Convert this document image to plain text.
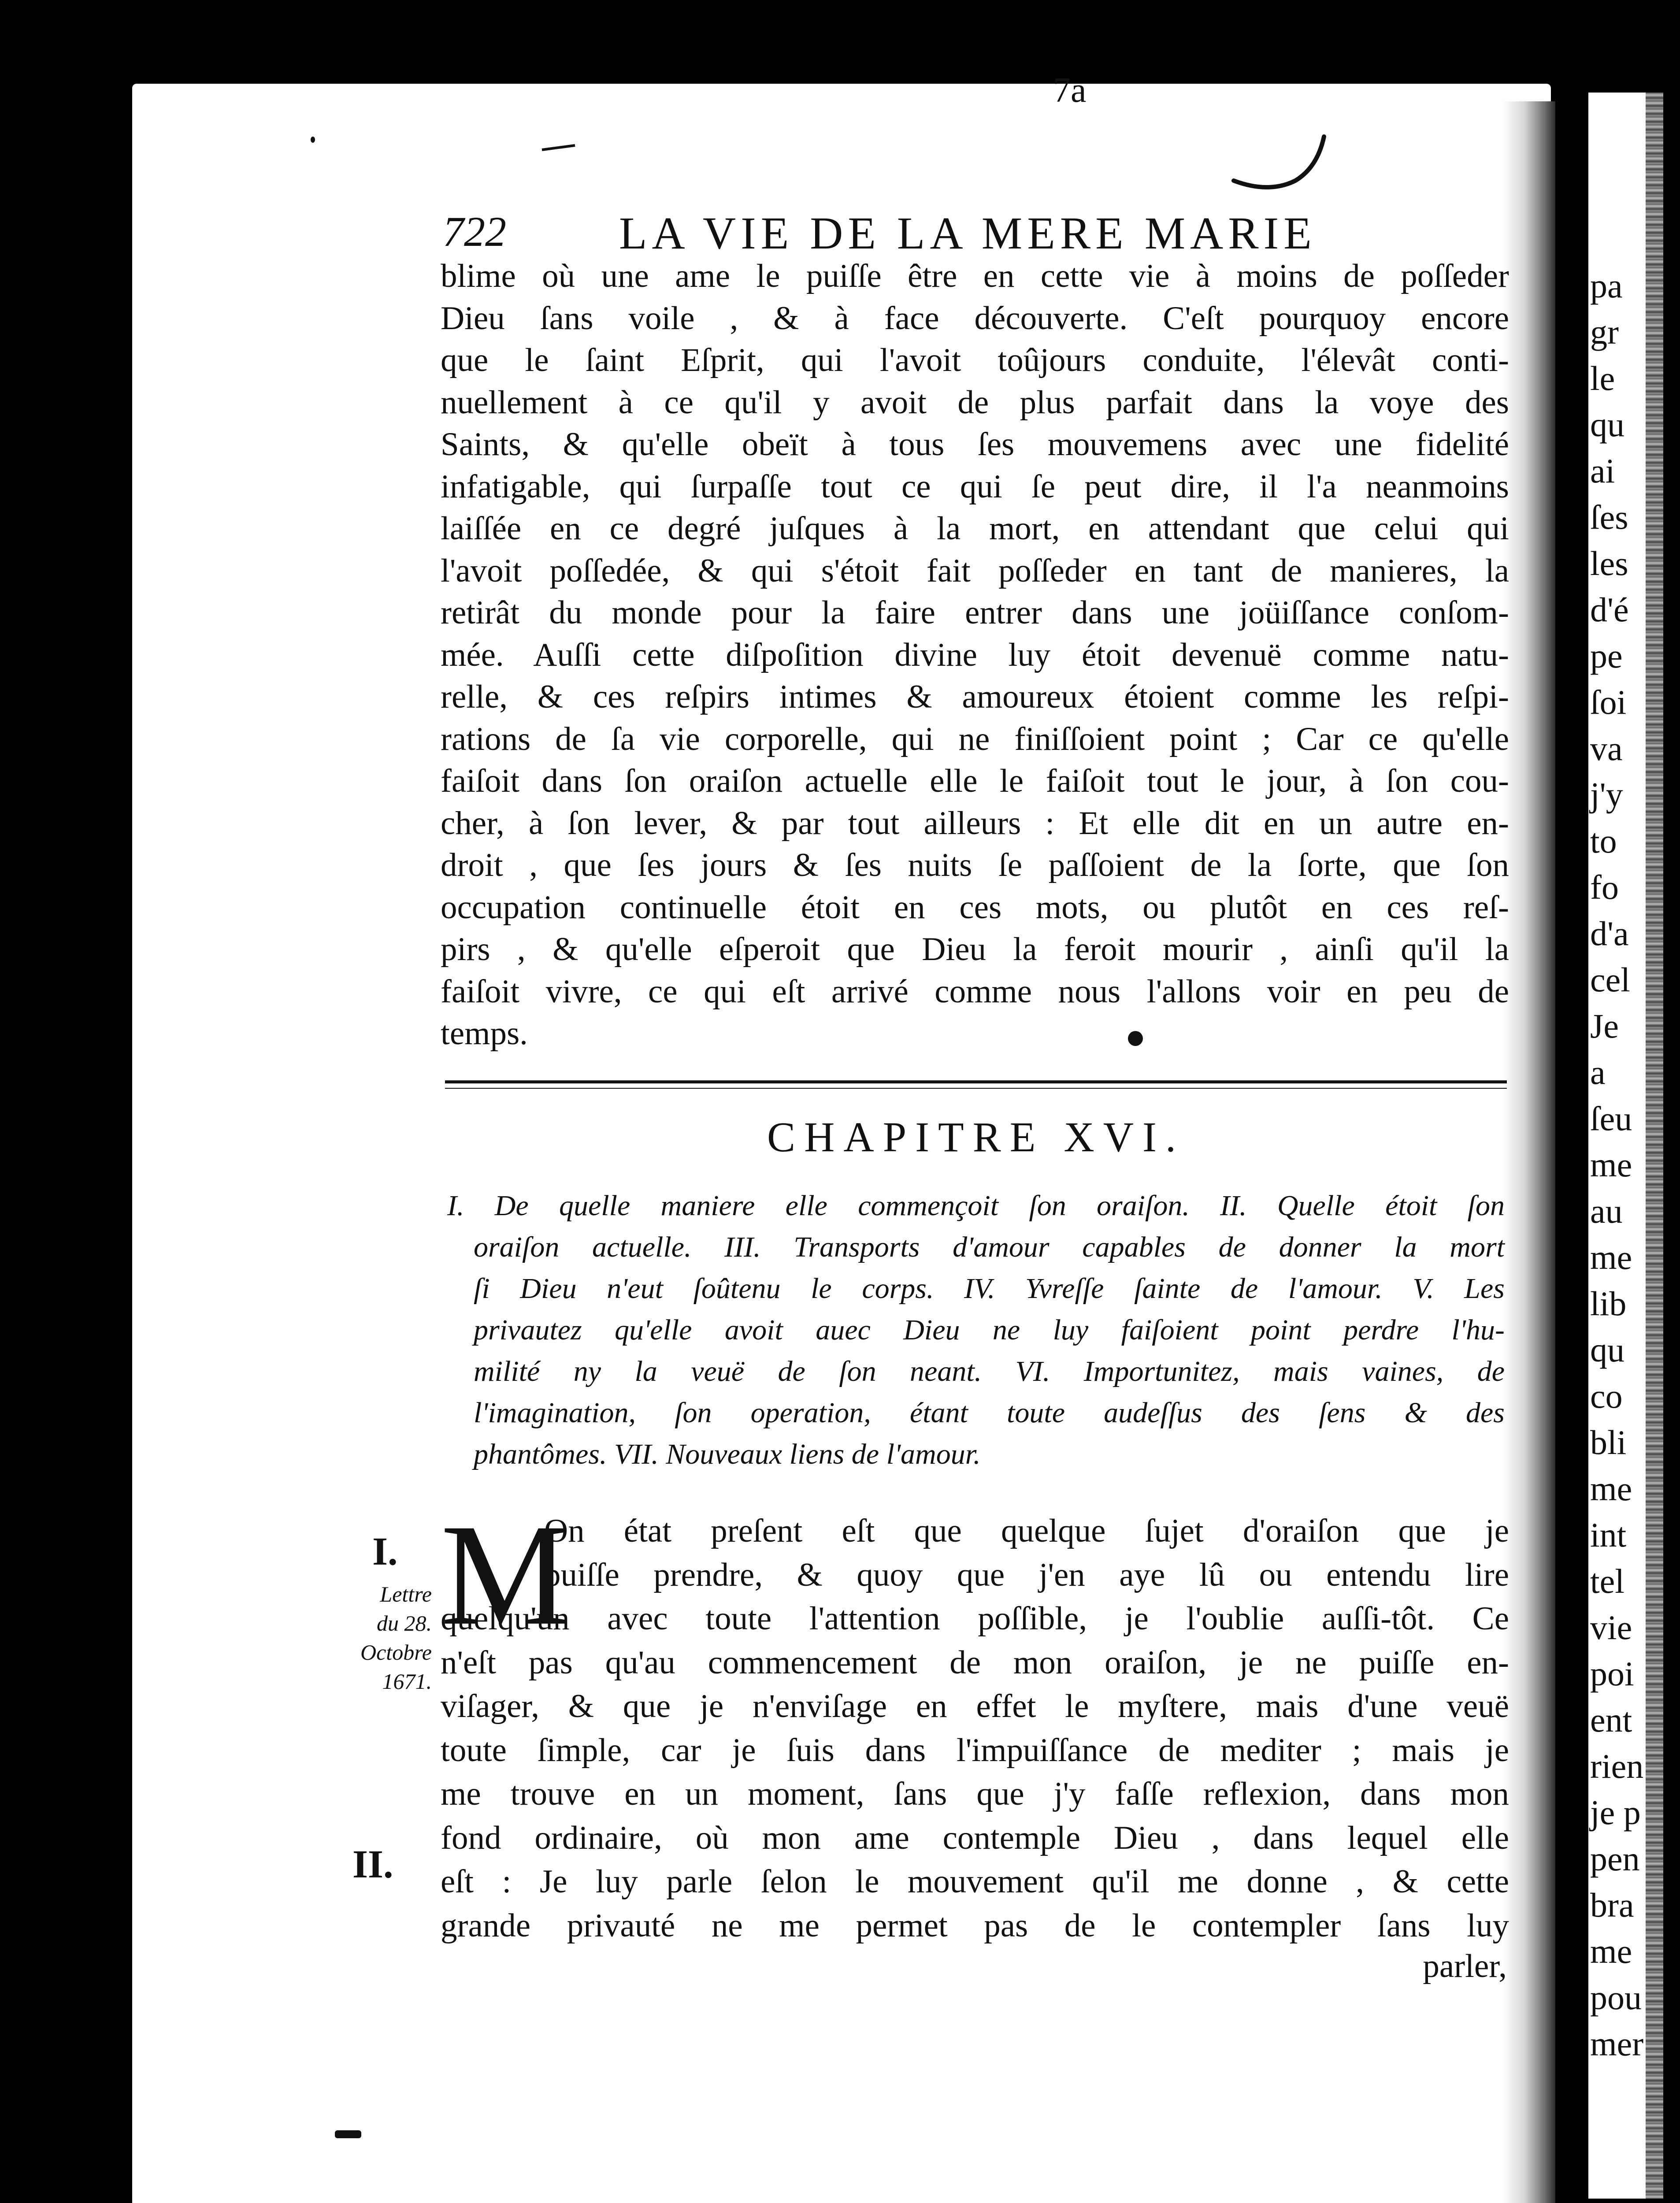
pa
gr
le
qu
ai
ſes
les
d'é
pe
ſoi
va
j'y
to
fo
d'a
cel
Je
a
ſeu
me
au
me
lib
qu
co
bli
me
int
tel
vie
poi
ent
rien
je p
pen
bra
me
pou
mer
7a
722 LA VIE DE LA MERE MARIE
blime où une ame le puiſſe être en cette vie à moins de poſſeder
Dieu ſans voile , & à face découverte. C'eſt pourquoy encore
que le ſaint Eſprit, qui l'avoit toûjours conduite, l'élevât conti-
nuellement à ce qu'il y avoit de plus parfait dans la voye des
Saints, & qu'elle obeït à tous ſes mouvemens avec une fidelité
infatigable, qui ſurpaſſe tout ce qui ſe peut dire, il l'a neanmoins
laiſſée en ce degré juſques à la mort, en attendant que celui qui
l'avoit poſſedée, & qui s'étoit fait poſſeder en tant de manieres, la
retirât du monde pour la faire entrer dans une joüiſſance conſom-
mée. Auſſi cette diſpoſition divine luy étoit devenuë comme natu-
relle, & ces reſpirs intimes & amoureux étoient comme les reſpi-
rations de ſa vie corporelle, qui ne finiſſoient point ; Car ce qu'elle
faiſoit dans ſon oraiſon actuelle elle le faiſoit tout le jour, à ſon cou-
cher, à ſon lever, & par tout ailleurs : Et elle dit en un autre en-
droit , que ſes jours & ſes nuits ſe paſſoient de la ſorte, que ſon
occupation continuelle étoit en ces mots, ou plutôt en ces reſ-
pirs , & qu'elle eſperoit que Dieu la feroit mourir , ainſi qu'il la
faiſoit vivre, ce qui eſt arrivé comme nous l'allons voir en peu de
temps.
CHAPITRE XVI.
I. De quelle maniere elle commençoit ſon oraiſon. II. Quelle étoit ſon
oraiſon actuelle. III. Transports d'amour capables de donner la mort
ſi Dieu n'eut ſoûtenu le corps. IV. Yvreſſe ſainte de l'amour. V. Les
privautez qu'elle avoit auec Dieu ne luy faiſoient point perdre l'hu-
milité ny la veuë de ſon neant. VI. Importunitez, mais vaines, de
l'imagination, ſon operation, étant toute audeſſus des ſens & des
phantômes. VII. Nouveaux liens de l'amour.
M
I.
Lettre
du 28.
Octobre
1671.
II.
On état preſent eſt que quelque ſujet d'oraiſon que je
puiſſe prendre, & quoy que j'en aye lû ou entendu lire
quelqu'un avec toute l'attention poſſible, je l'oublie auſſi-tôt. Ce
n'eſt pas qu'au commencement de mon oraiſon, je ne puiſſe en-
viſager, & que je n'enviſage en effet le myſtere, mais d'une veuë
toute ſimple, car je ſuis dans l'impuiſſance de mediter ; mais je
me trouve en un moment, ſans que j'y faſſe reflexion, dans mon
fond ordinaire, où mon ame contemple Dieu , dans lequel elle
eſt : Je luy parle ſelon le mouvement qu'il me donne , & cette
grande privauté ne me permet pas de le contempler ſans luy
parler,
